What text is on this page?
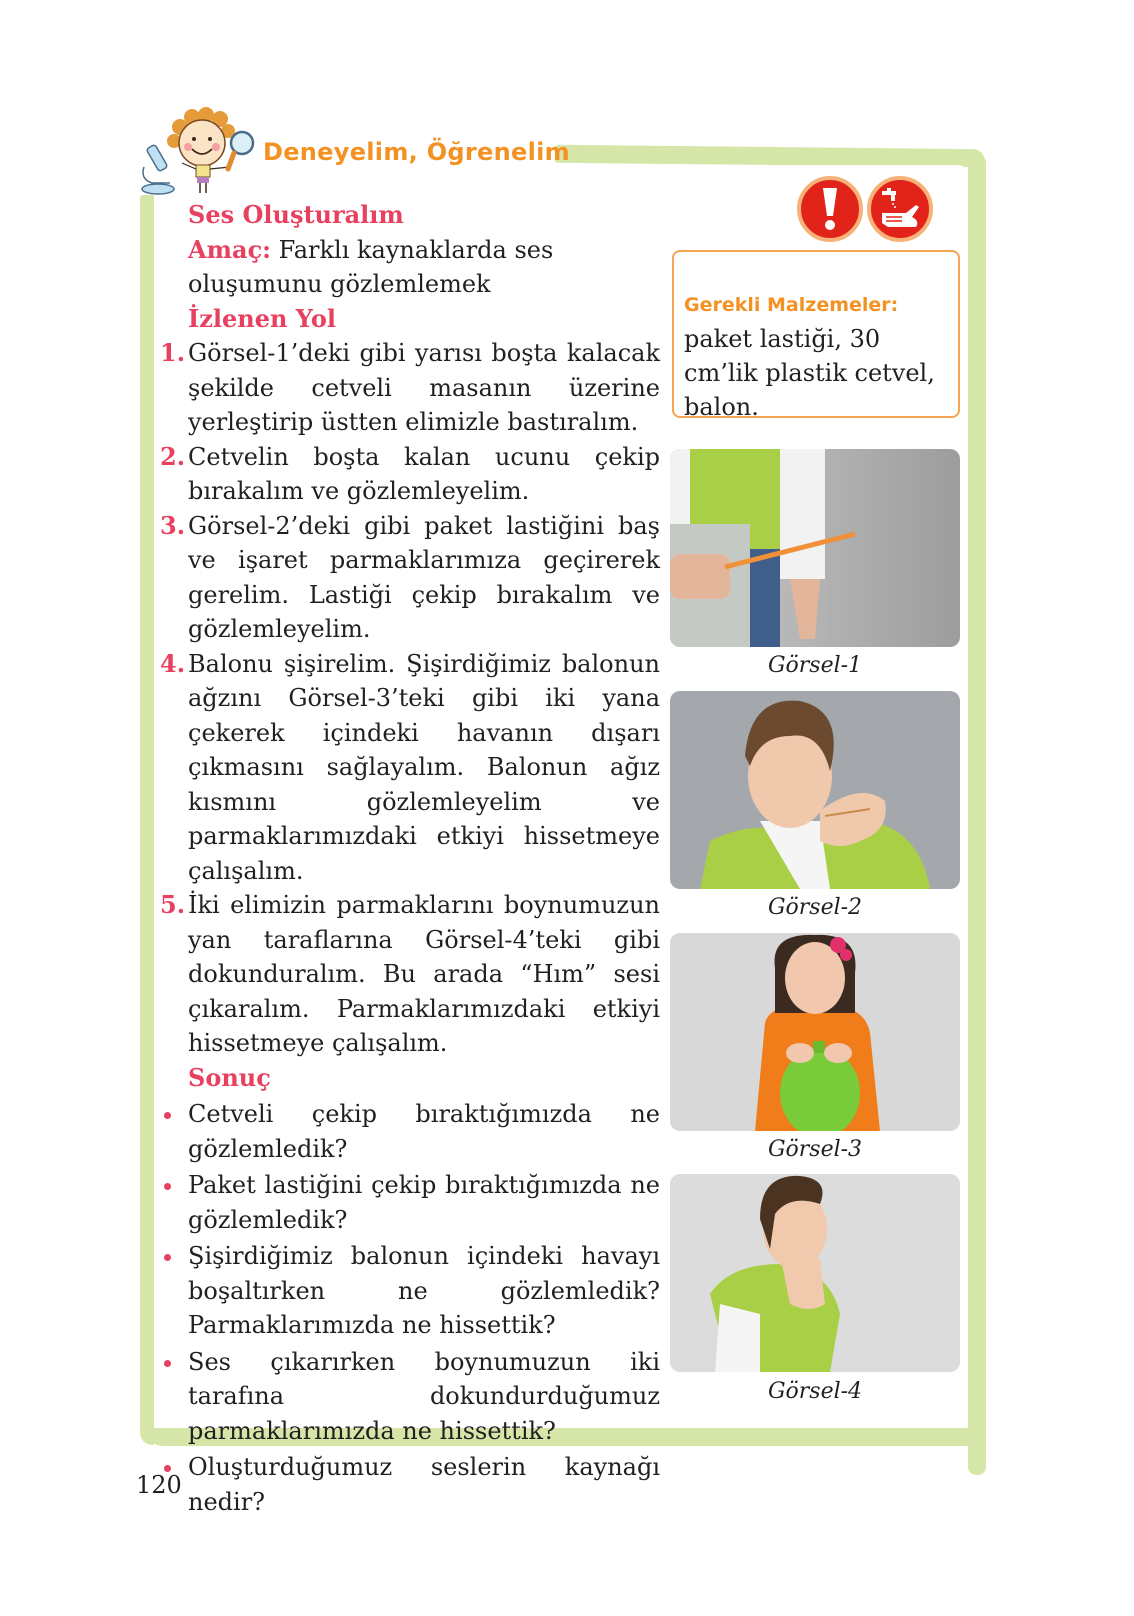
Deneyelim, Öğrenelim
Gerekli Malzemeler: paket lastiği, 30 cm’lik plastik cetvel, balon.
Ses Oluşturalım
Amaç: Farklı kaynaklarda ses oluşumunu gözlemlemek
İzlenen Yol
1. Görsel-1’deki gibi yarısı boşta kalacak şekilde cetveli masanın üzerine yerleştirip üstten elimizle bastıralım.
2. Cetvelin boşta kalan ucunu çekip bırakalım ve gözlemleyelim.
3. Görsel-2’deki gibi paket lastiğini baş ve işaret parmaklarımıza geçirerek gerelim. Lastiği çekip bırakalım ve gözlemleyelim.
4. Balonu şişirelim. Şişirdiğimiz balonun ağzını Görsel-3’teki gibi iki yana çekerek içindeki havanın dışarı çıkmasını sağlayalım. Balonun ağız kısmını gözlemleyelim ve parmaklarımızdaki etkiyi hissetmeye çalışalım.
5. İki elimizin parmaklarını boynumuzun yan taraflarına Görsel-4’teki gibi dokunduralım. Bu arada “Hım” sesi çıkaralım. Parmaklarımızdaki etkiyi hissetmeye çalışalım.
Sonuç
Cetveli çekip bıraktığımızda ne gözlemledik?
Paket lastiğini çekip bıraktığımızda ne gözlemledik?
Şişirdiğimiz balonun içindeki havayı boşaltırken ne gözlemledik? Parmaklarımızda ne hissettik?
Ses çıkarırken boynumuzun iki tarafına dokundurduğumuz parmaklarımızda ne hissettik?
Oluşturduğumuz seslerin kaynağı nedir?
Görsel-1
Görsel-2
Görsel-3
Görsel-4
120
